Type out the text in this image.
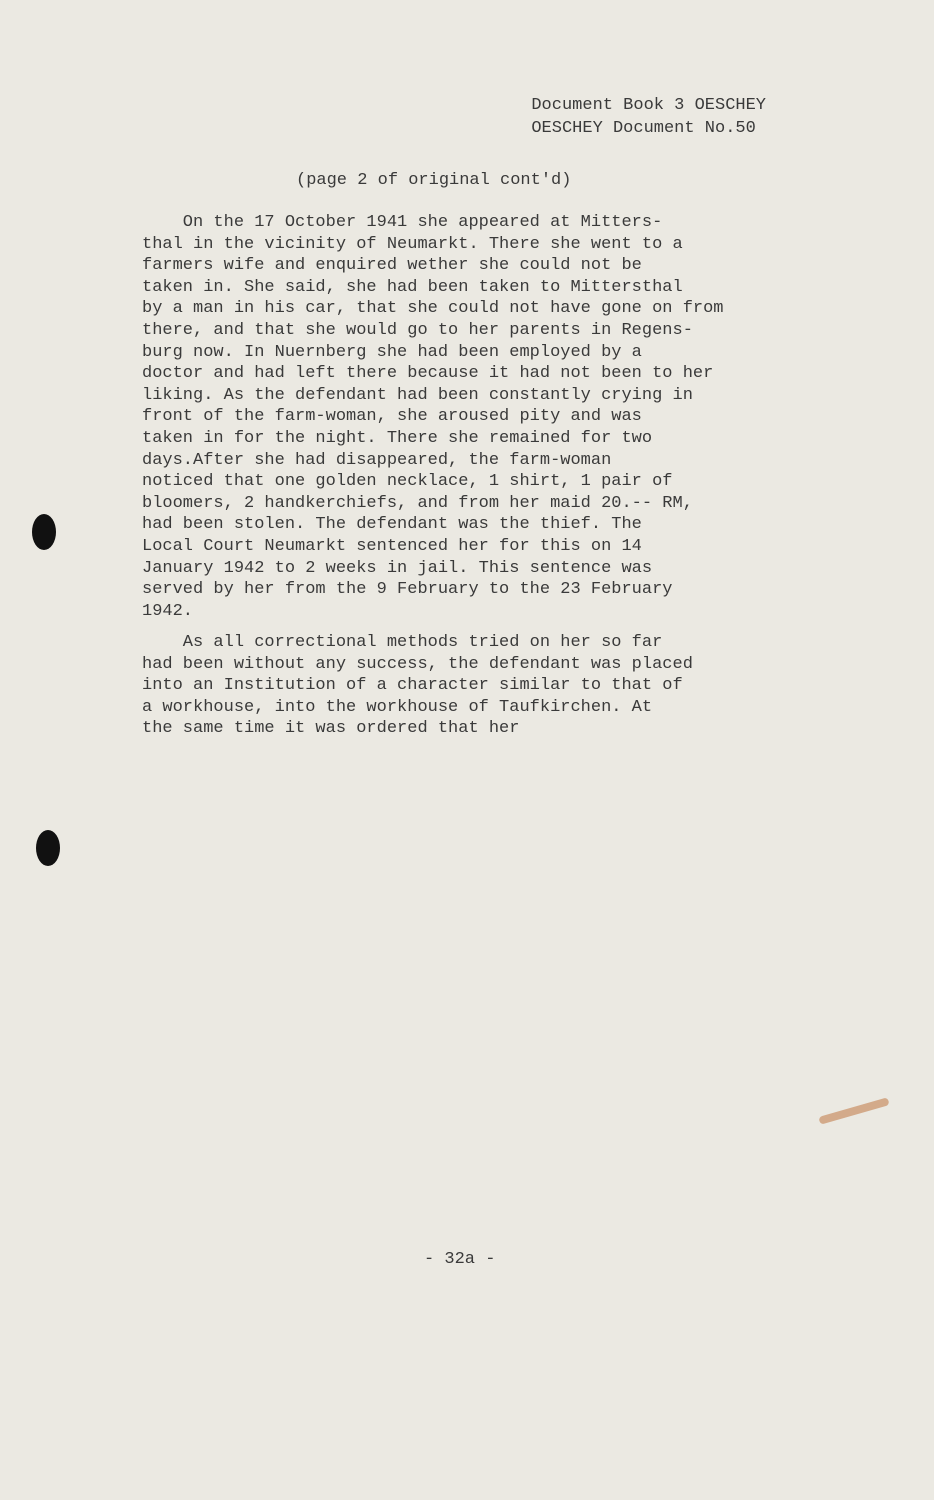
Document Book 3 OESCHEY
OESCHEY Document No.50
(page 2 of original cont'd)
On the 17 October 1941 she appeared at Mitters-
thal in the vicinity of Neumarkt. There she went to a
farmers wife and enquired wether she could not be
taken in. She said, she had been taken to Mittersthal
by a man in his car, that she could not have gone on from
there, and that she would go to her parents in Regens-
burg now. In Nuernberg she had been employed by a
doctor and had left there because it had not been to her
liking. As the defendant had been constantly crying in
front of the farm-woman, she aroused pity and was
taken in for the night. There she remained for two
days.After she had disappeared, the farm-woman
noticed that one golden necklace, 1 shirt, 1 pair of
bloomers, 2 handkerchiefs, and from her maid 20.-- RM,
had been stolen. The defendant was the thief. The
Local Court Neumarkt sentenced her for this on 14
January 1942 to 2 weeks in jail. This sentence was
served by her from the 9 February to the 23 February
1942.
As all correctional methods tried on her so far
had been without any success, the defendant was placed
into an Institution of a character similar to that of
a workhouse, into the workhouse of Taufkirchen. At
the same time it was ordered that her
- 32a -
